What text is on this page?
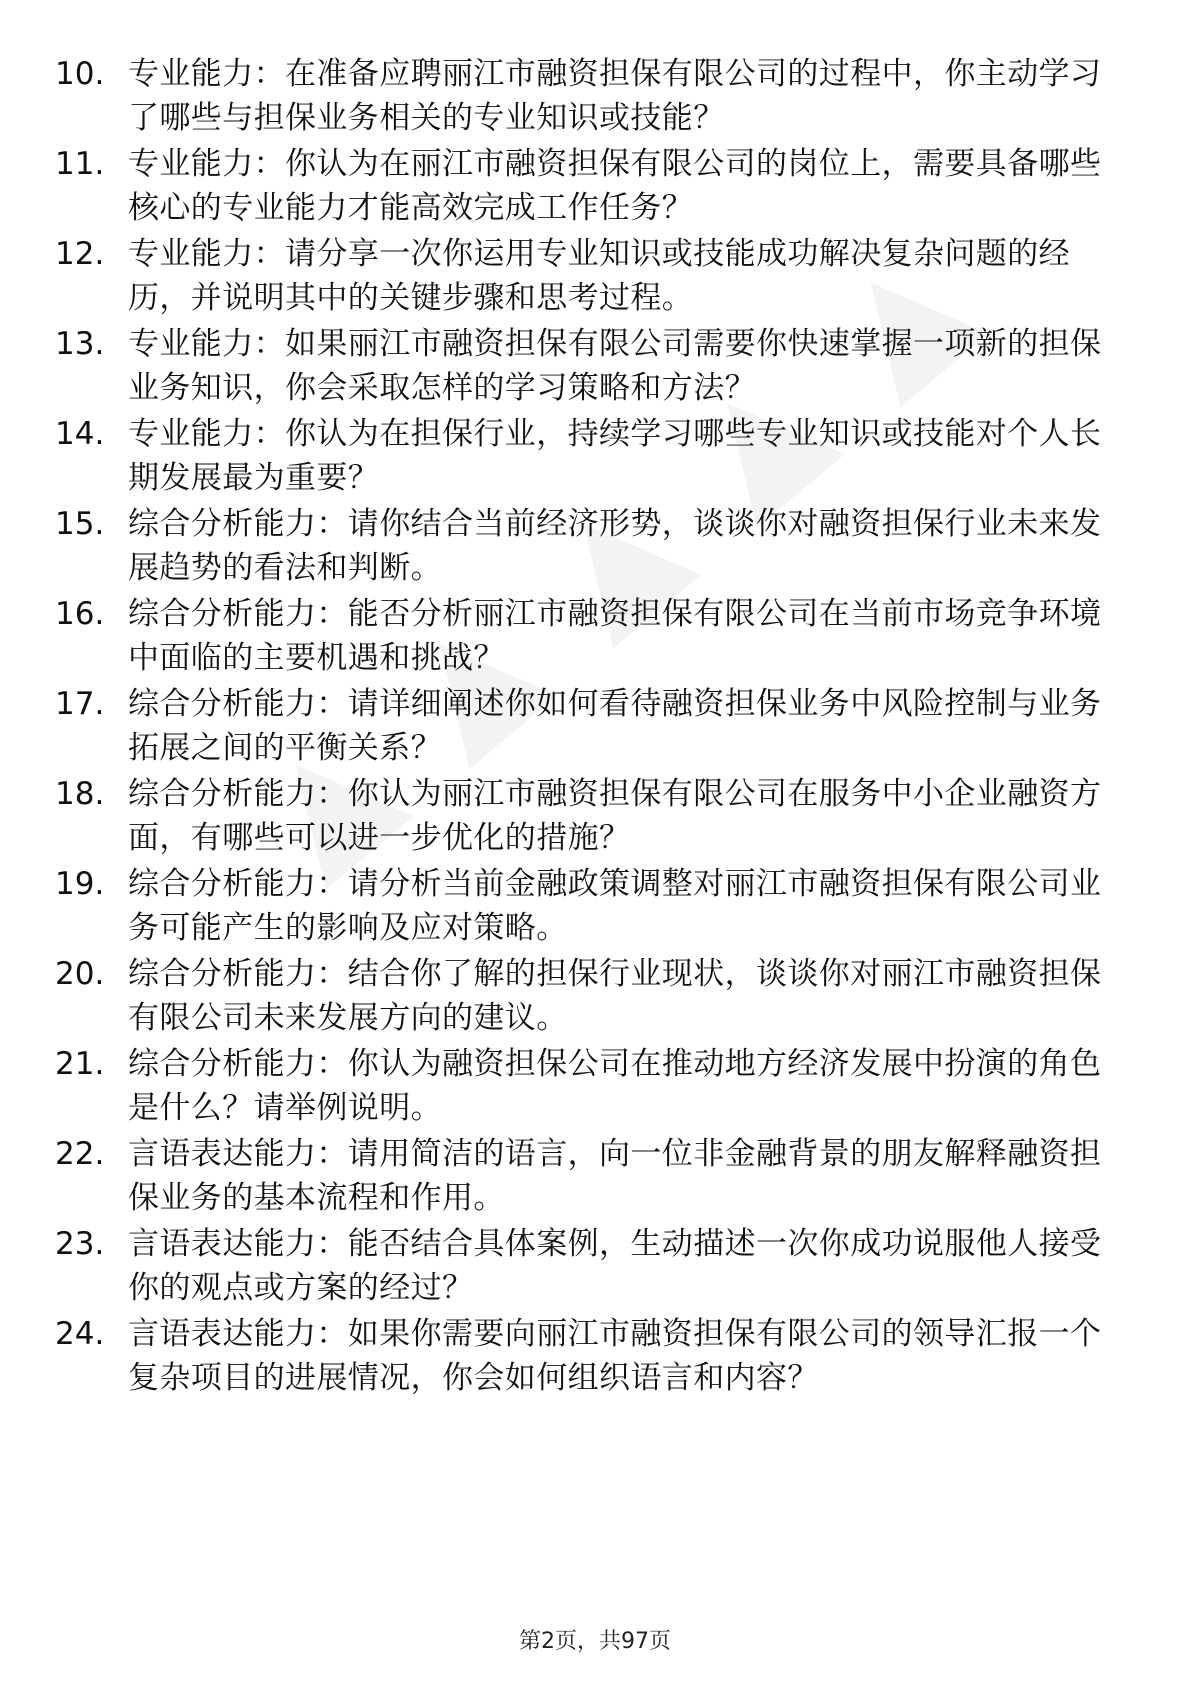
10. 专业能力：在准备应聘丽江市融资担保有限公司的过程中，你主动学习了哪些与担保业务相关的专业知识或技能？
11. 专业能力：你认为在丽江市融资担保有限公司的岗位上，需要具备哪些核心的专业能力才能高效完成工作任务？
12. 专业能力：请分享一次你运用专业知识或技能成功解决复杂问题的经历，并说明其中的关键步骤和思考过程。
13. 专业能力：如果丽江市融资担保有限公司需要你快速掌握一项新的担保业务知识，你会采取怎样的学习策略和方法？
14. 专业能力：你认为在担保行业，持续学习哪些专业知识或技能对个人长期发展最为重要？
15. 综合分析能力：请你结合当前经济形势，谈谈你对融资担保行业未来发展趋势的看法和判断。
16. 综合分析能力：能否分析丽江市融资担保有限公司在当前市场竞争环境中面临的主要机遇和挑战？
17. 综合分析能力：请详细阐述你如何看待融资担保业务中风险控制与业务拓展之间的平衡关系？
18. 综合分析能力：你认为丽江市融资担保有限公司在服务中小企业融资方面，有哪些可以进一步优化的措施？
19. 综合分析能力：请分析当前金融政策调整对丽江市融资担保有限公司业务可能产生的影响及应对策略。
20. 综合分析能力：结合你了解的担保行业现状，谈谈你对丽江市融资担保有限公司未来发展方向的建议。
21. 综合分析能力：你认为融资担保公司在推动地方经济发展中扮演的角色是什么？请举例说明。
22. 言语表达能力：请用简洁的语言，向一位非金融背景的朋友解释融资担保业务的基本流程和作用。
23. 言语表达能力：能否结合具体案例，生动描述一次你成功说服他人接受你的观点或方案的经过？
24. 言语表达能力：如果你需要向丽江市融资担保有限公司的领导汇报一个复杂项目的进展情况，你会如何组织语言和内容？
第2页，共97页
